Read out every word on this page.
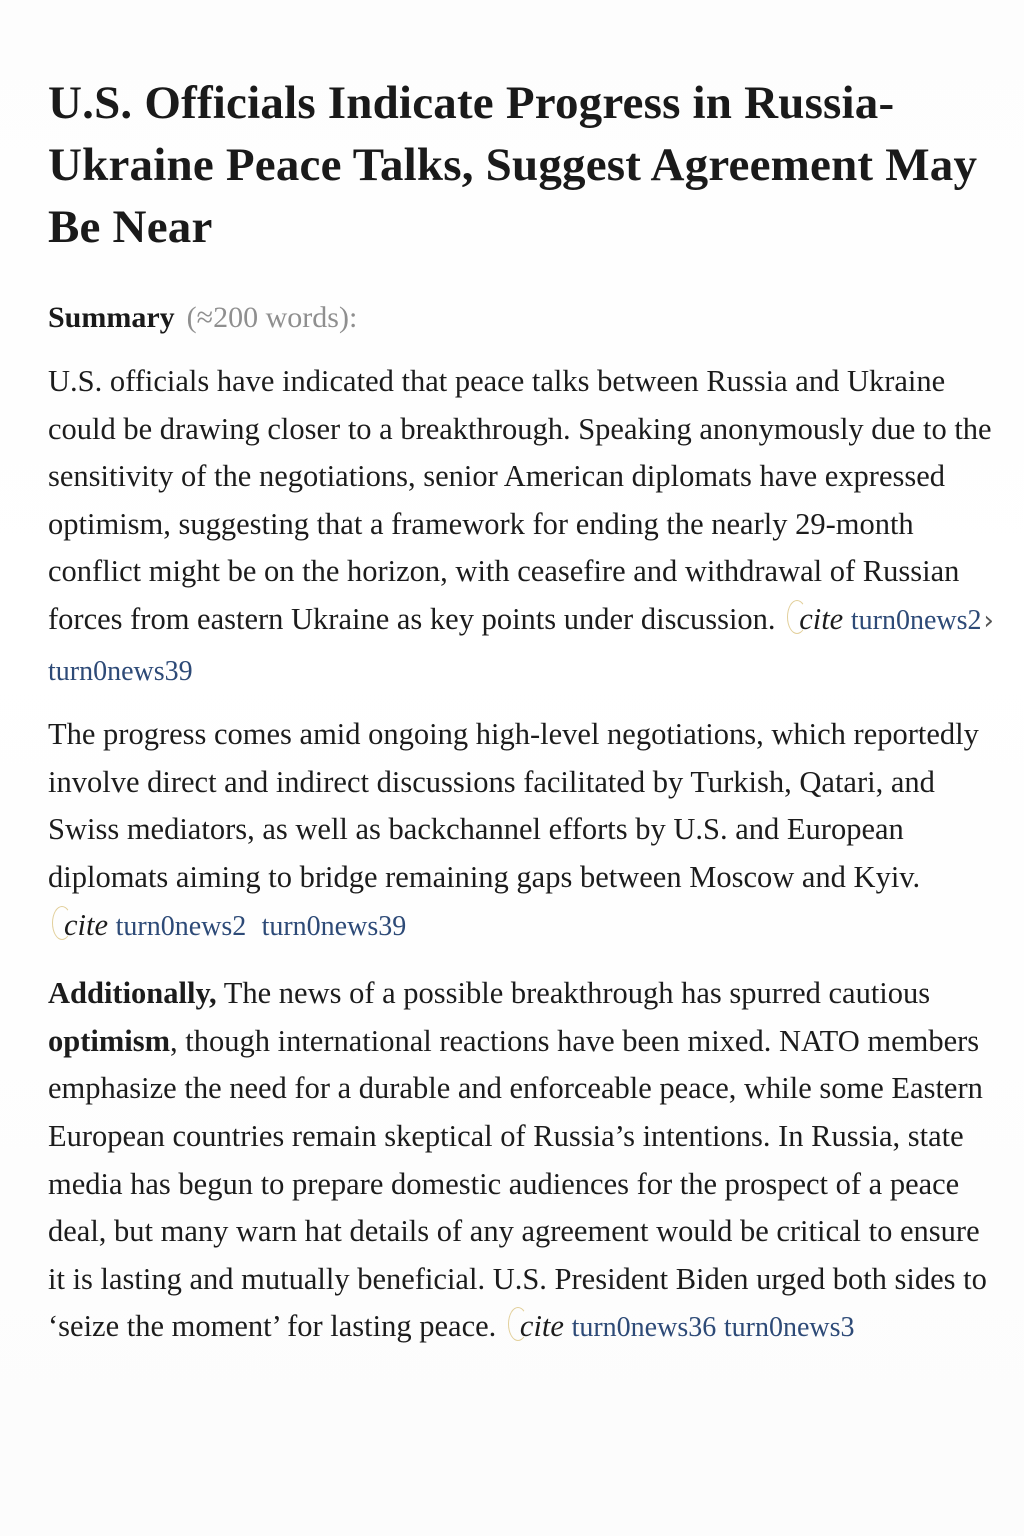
U.S. Officials Indicate Progress in Russia-Ukraine Peace Talks, Suggest Agreement May Be Near
Summary (≈200 words):

U.S. officials have indicated that peace talks between Russia and Ukraine could be drawing closer to a breakthrough. Speaking anonymously due to the sensitivity of the negotiations, senior American diplomats have expressed optimism, suggesting that a framework for ending the nearly 29-month conflict might be on the horizon, with ceasefire and withdrawal of Russian forces from eastern Ukraine as key points under discussion. cite turn0news2›
turn0news39

The progress comes amid ongoing high-level negotiations, which reportedly involve direct and indirect discussions facilitated by Turkish, Qatari, and Swiss mediators, as well as backchannel efforts by U.S. and European diplomats aiming to bridge remaining gaps between Moscow and Kyiv. cite turn0news2 turn0news39

Additionally, The news of a possible breakthrough has spurred cautious optimism, though international reactions have been mixed. NATO members emphasize the need for a durable and enforceable peace, while some Eastern European countries remain skeptical of Russia’s intentions. In Russia, state media has begun to prepare domestic audiences for the prospect of a peace deal, but many warn hat details of any agreement would be critical to ensure it is lasting and mutually beneficial. U.S. President Biden urged both sides to ‘seize the moment’ for lasting peace. cite turn0news36 turn0news3
